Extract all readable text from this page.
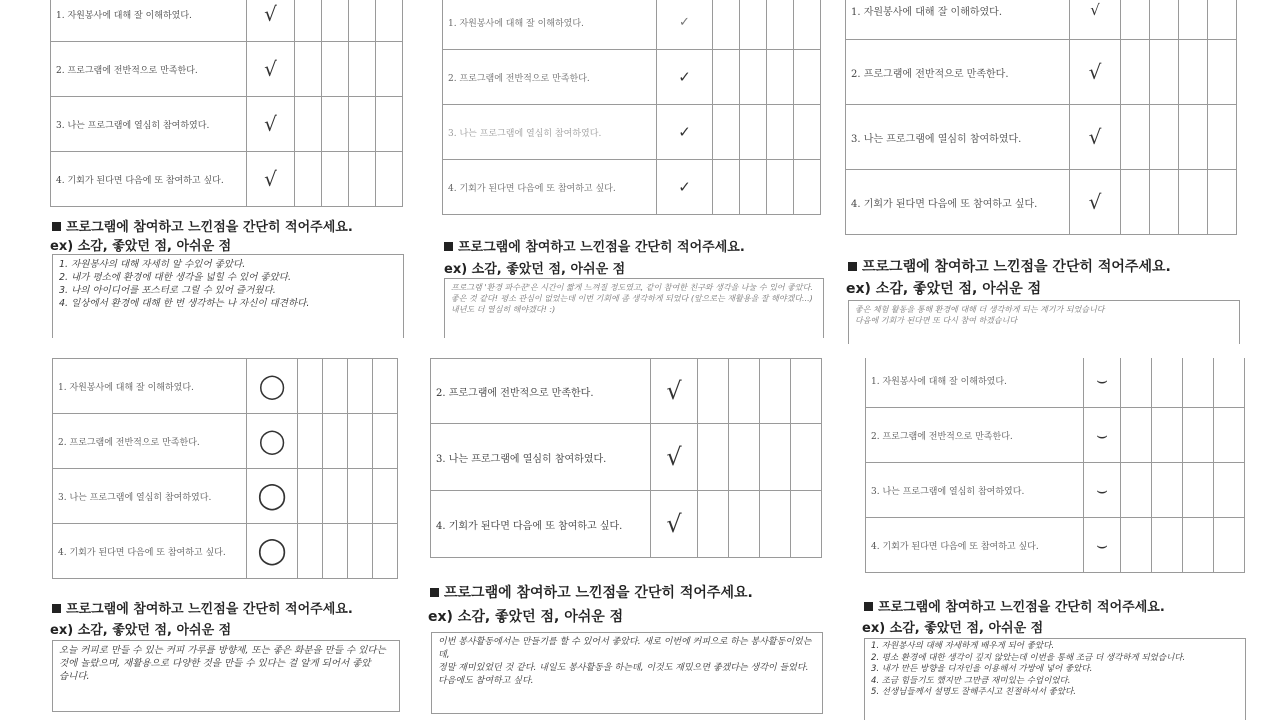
1. 자원봉사에 대해 잘 이해하였다.	√				
2. 프로그램에 전반적으로 만족한다.	√				
3. 나는 프로그램에 열심히 참여하였다.	√				
4. 기회가 된다면 다음에 또 참여하고 싶다.	√				
프로그램에 참여하고 느낀점을 간단히 적어주세요.
ex) 소감, 좋았던 점, 아쉬운 점
1. 자원봉사의 대해 자세히 알 수있어 좋았다.
2. 내가 평소에 환경에 대한 생각을 넓힐 수 있어 좋았다.
3. 나의 아이디어를 포스터로 그릴 수 있어 즐거웠다.
4. 일상에서 환경에 대해 한 번 생각하는 나 자신이 대견하다.
1. 자원봉사에 대해 잘 이해하였다.	✓				
2. 프로그램에 전반적으로 만족한다.	✓				
3. 나는 프로그램에 열심히 참여하였다.	✓				
4. 기회가 된다면 다음에 또 참여하고 싶다.	✓				
프로그램에 참여하고 느낀점을 간단히 적어주세요.
ex) 소감, 좋았던 점, 아쉬운 점
프로그램 '환경 파수꾼'은 시간이 짧게 느껴질 정도였고, 같이 참여한 친구와 생각을 나눌 수 있어 좋았다.
좋은 것 같다! 평소 관심이 없었는데 이번 기회에 좀 생각하게 되었다 (앞으로는 재활용을 잘 해야겠다...)
내년도 더 열심히 해야겠다! :)
1. 자원봉사에 대해 잘 이해하였다.	√				
2. 프로그램에 전반적으로 만족한다.	√				
3. 나는 프로그램에 열심히 참여하였다.	√				
4. 기회가 된다면 다음에 또 참여하고 싶다.	√				
프로그램에 참여하고 느낀점을 간단히 적어주세요.
ex) 소감, 좋았던 점, 아쉬운 점
좋은 체험 활동을 통해 환경에 대해 더 생각하게 되는 계기가 되었습니다
다음에 기회가 된다면 또 다시 참여 하겠습니다
1. 자원봉사에 대해 잘 이해하였다.	◯				
2. 프로그램에 전반적으로 만족한다.	◯				
3. 나는 프로그램에 열심히 참여하였다.	◯				
4. 기회가 된다면 다음에 또 참여하고 싶다.	◯				
프로그램에 참여하고 느낀점을 간단히 적어주세요.
ex) 소감, 좋았던 점, 아쉬운 점
오늘 커피로 만들 수 있는 커피 가루를 방향제, 또는 좋은 화분을 만들 수 있다는
것에 놀랐으며, 재활용으로 다양한 것을 만들 수 있다는 걸 알게 되어서 좋았
습니다.
2. 프로그램에 전반적으로 만족한다.	√				
3. 나는 프로그램에 열심히 참여하였다.	√				
4. 기회가 된다면 다음에 또 참여하고 싶다.	√				
프로그램에 참여하고 느낀점을 간단히 적어주세요.
ex) 소감, 좋았던 점, 아쉬운 점
이번 봉사활동에서는 만들기를 할 수 있어서 좋았다. 새로 이번에 커피으로 하는 봉사활동이었는데,
정말 재미있었던 것 같다. 내일도 봉사활동을 하는데, 이것도 재밌으면 좋겠다는 생각이 들었다.
다음에도 참여하고 싶다.
1. 자원봉사에 대해 잘 이해하였다.	⌣				
2. 프로그램에 전반적으로 만족한다.	⌣				
3. 나는 프로그램에 열심히 참여하였다.	⌣				
4. 기회가 된다면 다음에 또 참여하고 싶다.	⌣				
프로그램에 참여하고 느낀점을 간단히 적어주세요.
ex) 소감, 좋았던 점, 아쉬운 점
1. 자원봉사의 대해 자세하게 배우게 되어 좋았다.
2. 평소 환경에 대한 생각이 깊지 않았는데 이번을 통해 조금 더 생각하게 되었습니다.
3. 내가 만든 방향을 디자인을 이용해서 가방에 넣어 좋았다.
4. 조금 힘들기도 했지만 그만큼 재미있는 수업이었다.
5. 선생님들께서 설명도 잘해주시고 친절하셔서 좋았다.
